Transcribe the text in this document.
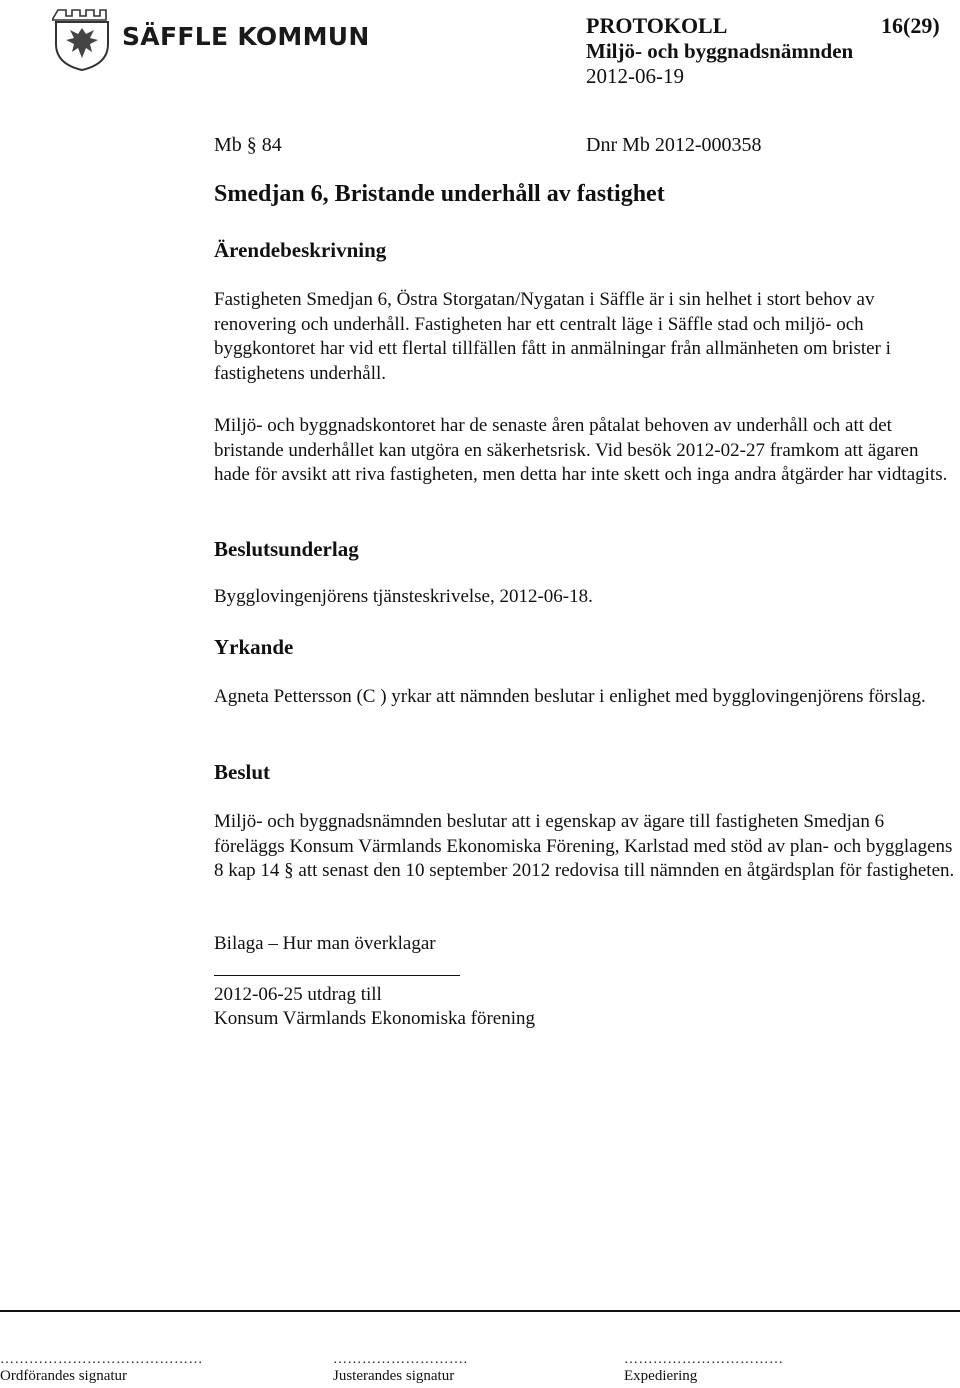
SÄFFLE KOMMUN	PROTOKOLL	16(29)
Miljö- och byggnadsnämnden
2012-06-19
Mb § 84	Dnr Mb 2012-000358
Smedjan 6, Bristande underhåll av fastighet
Ärendebeskrivning
Fastigheten Smedjan 6, Östra Storgatan/Nygatan i Säffle är i sin helhet i stort behov av renovering och underhåll. Fastigheten har ett centralt läge i Säffle stad och miljö- och byggkontoret har vid ett flertal tillfällen fått in anmälningar från allmänheten om brister i fastighetens underhåll.
Miljö- och byggnadskontoret har de senaste åren påtalat behoven av underhåll och att det bristande underhållet kan utgöra en säkerhetsrisk. Vid besök 2012-02-27 framkom att ägaren hade för avsikt att riva fastigheten, men detta har inte skett och inga andra åtgärder har vidtagits.
Beslutsunderlag
Bygglovingenjörens tjänsteskrivelse, 2012-06-18.
Yrkande
Agneta Pettersson (C ) yrkar att nämnden beslutar i enlighet med bygglovingenjörens förslag.
Beslut
Miljö- och byggnadsnämnden beslutar att i egenskap av ägare till fastigheten Smedjan 6 föreläggs Konsum Värmlands Ekonomiska Förening, Karlstad med stöd av plan- och bygglagens 8 kap 14 § att senast den 10 september 2012 redovisa till nämnden en åtgärdsplan för fastigheten.
Bilaga – Hur man överklagar
2012-06-25 utdrag till
Konsum Värmlands Ekonomiska förening
……………………………………	……………………….	……………………………
Ordförandes signatur	Justerandes signatur	Expediering
